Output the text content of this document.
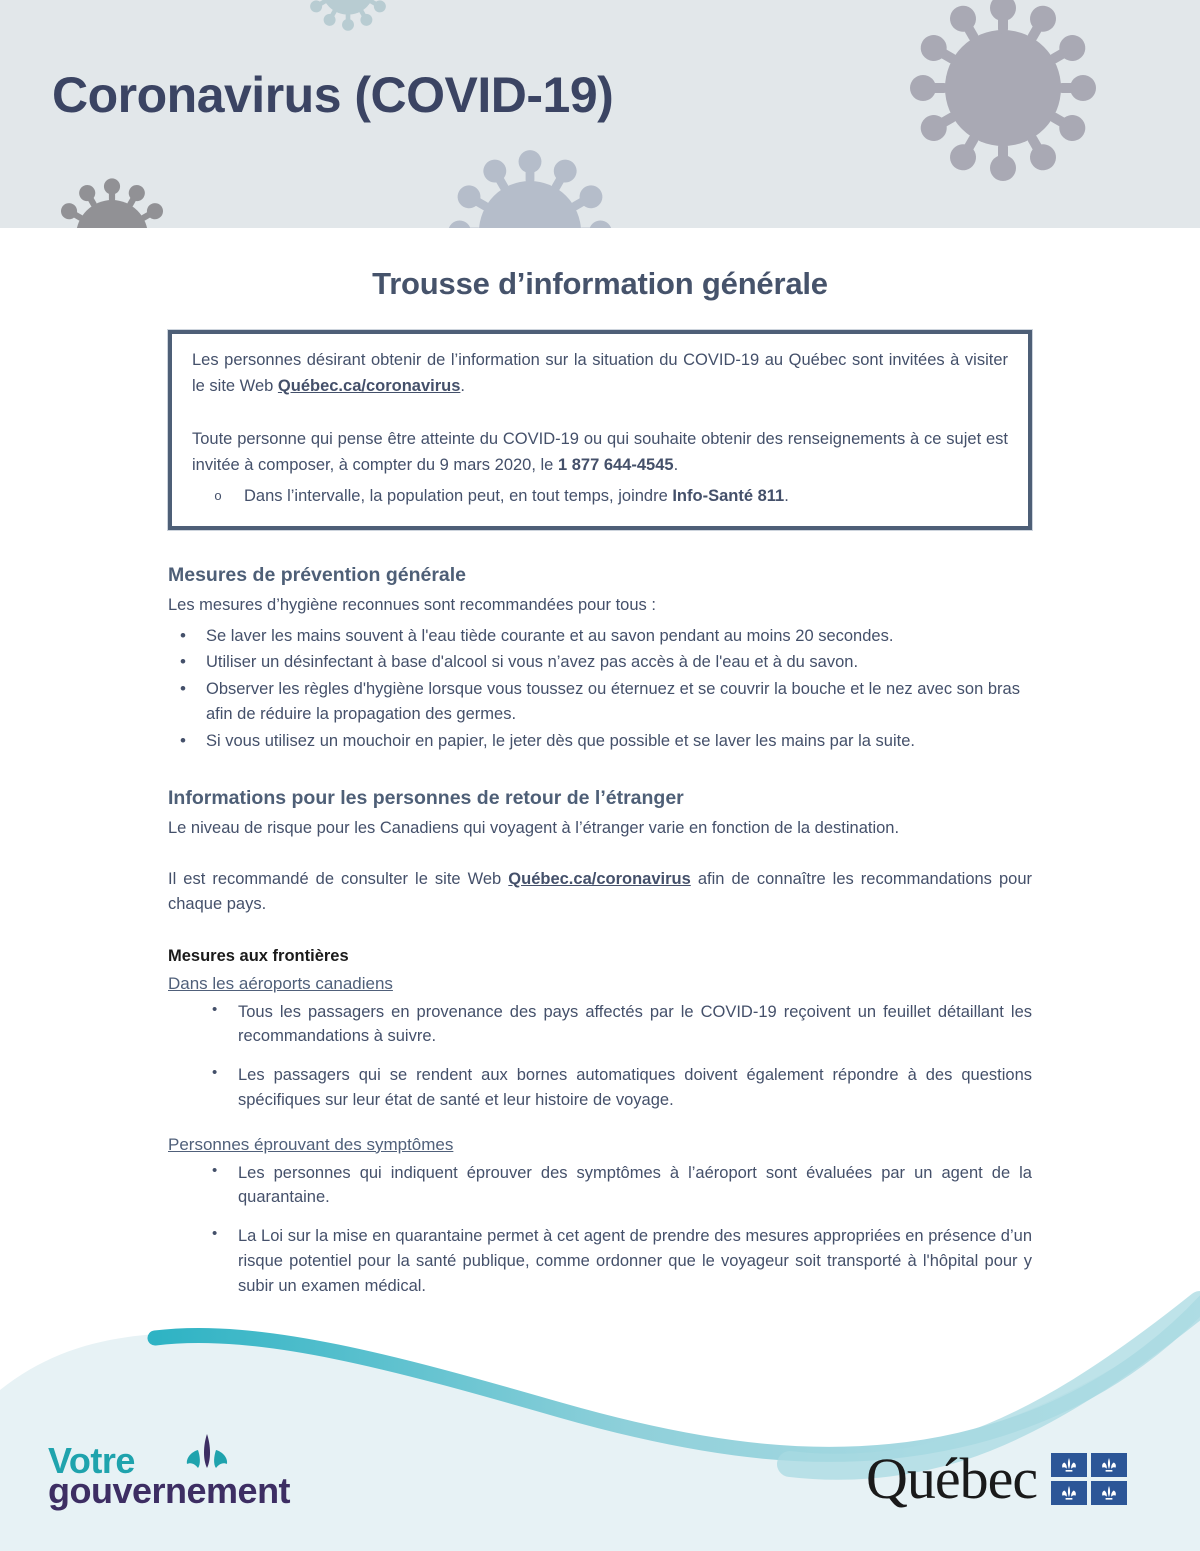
Coronavirus (COVID-19)
Trousse d’information générale

Les personnes désirant obtenir de l’information sur la situation du COVID-19 au Québec sont invitées à visiter le site Web Québec.ca/coronavirus.

Toute personne qui pense être atteinte du COVID-19 ou qui souhaite obtenir des renseignements à ce sujet est invitée à composer, à compter du 9 mars 2020, le 1 877 644-4545.

o	Dans l’intervalle, la population peut, en tout temps, joindre Info-Santé 811.
Mesures de prévention générale

Les mesures d’hygiène reconnues sont recommandées pour tous :

• Se laver les mains souvent à l'eau tiède courante et au savon pendant au moins 20 secondes.
• Utiliser un désinfectant à base d'alcool si vous n’avez pas accès à de l'eau et à du savon.
• Observer les règles d'hygiène lorsque vous toussez ou éternuez et se couvrir la bouche et le nez avec son bras afin de réduire la propagation des germes.
• Si vous utilisez un mouchoir en papier, le jeter dès que possible et se laver les mains par la suite.
Informations pour les personnes de retour de l’étranger

Le niveau de risque pour les Canadiens qui voyagent à l’étranger varie en fonction de la destination.

Il est recommandé de consulter le site Web Québec.ca/coronavirus afin de connaître les recommandations pour chaque pays.

Mesures aux frontières
Dans les aéroports canadiens
• Tous les passagers en provenance des pays affectés par le COVID-19 reçoivent un feuillet détaillant les recommandations à suivre.
• Les passagers qui se rendent aux bornes automatiques doivent également répondre à des questions spécifiques sur leur état de santé et leur histoire de voyage.
Personnes éprouvant des symptômes
• Les personnes qui indiquent éprouver des symptômes à l’aéroport sont évaluées par un agent de la quarantaine.
• La Loi sur la mise en quarantaine permet à cet agent de prendre des mesures appropriées en présence d’un risque potentiel pour la santé publique, comme ordonner que le voyageur soit transporté à l'hôpital pour y subir un examen médical.
Votre
gouvernement	Québec
